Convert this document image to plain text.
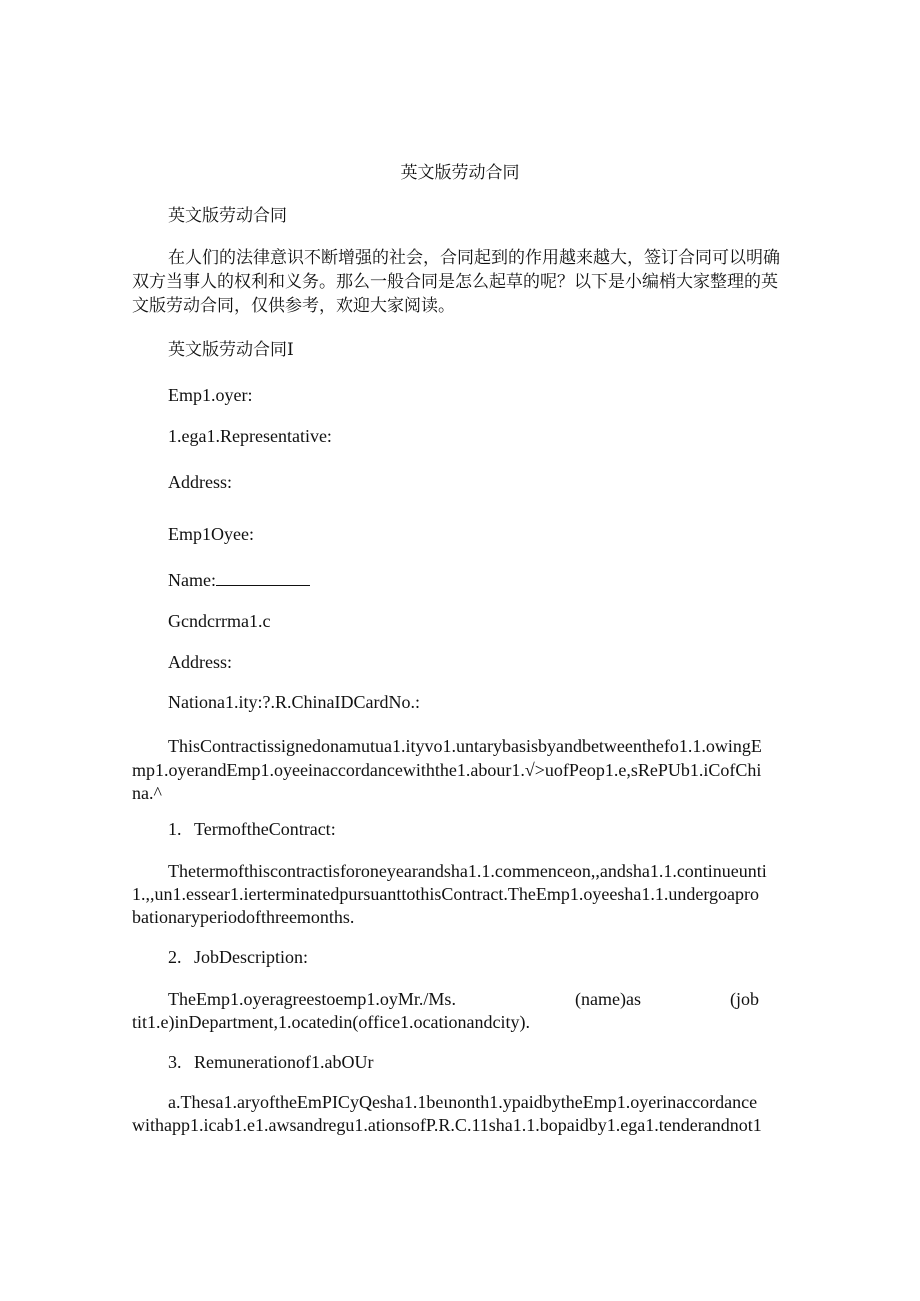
英文版劳动合同

英文版劳动合同

在人们的法律意识不断增强的社会，合同起到的作用越来越大，签订合同可以明确

双方当事人的权利和义务。那么一般合同是怎么起草的呢？以下是小编梢大家整理的英

文版劳动合同，仅供参考，欢迎大家阅读。

英文版劳动合同I

Emp1.oyer:

1.ega1.Representative:

Address:

Emp1Oyee:

Name:

Gcndcrrma1.c

Address:

Nationa1.ity:?.R.ChinaIDCardNo.:

ThisContractissignedonamutua1.ityvo1.untarybasisbyandbetweenthefo1.1.owingE

mp1.oyerandEmp1.oyeeinaccordancewiththe1.abour1.√>uofPeop1.e,sRePUb1.iCofChi

na.^

1. TermoftheContract:

Thetermofthiscontractisforoneyearandsha1.1.commenceon,,andsha1.1.continueunti

1.,,un1.essear1.ierterminatedpursuanttothisContract.TheEmp1.oyeesha1.1.undergoapro

bationaryperiodofthreemonths.

2. JobDescription:

TheEmp1.oyeragreestoemp1.oyMr./Ms.	(name)as	(job

tit1.e)inDepartment,1.ocatedin(office1.ocationandcity).

3. Remunerationof1.abOUr

a.Thesa1.aryoftheEmPICyQesha1.1beιnonth1.ypaidbytheEmp1.oyerinaccordance

withapp1.icab1.e1.awsandregu1.ationsofP.R.C.11sha1.1.bopaidby1.ega1.tenderandnot1
